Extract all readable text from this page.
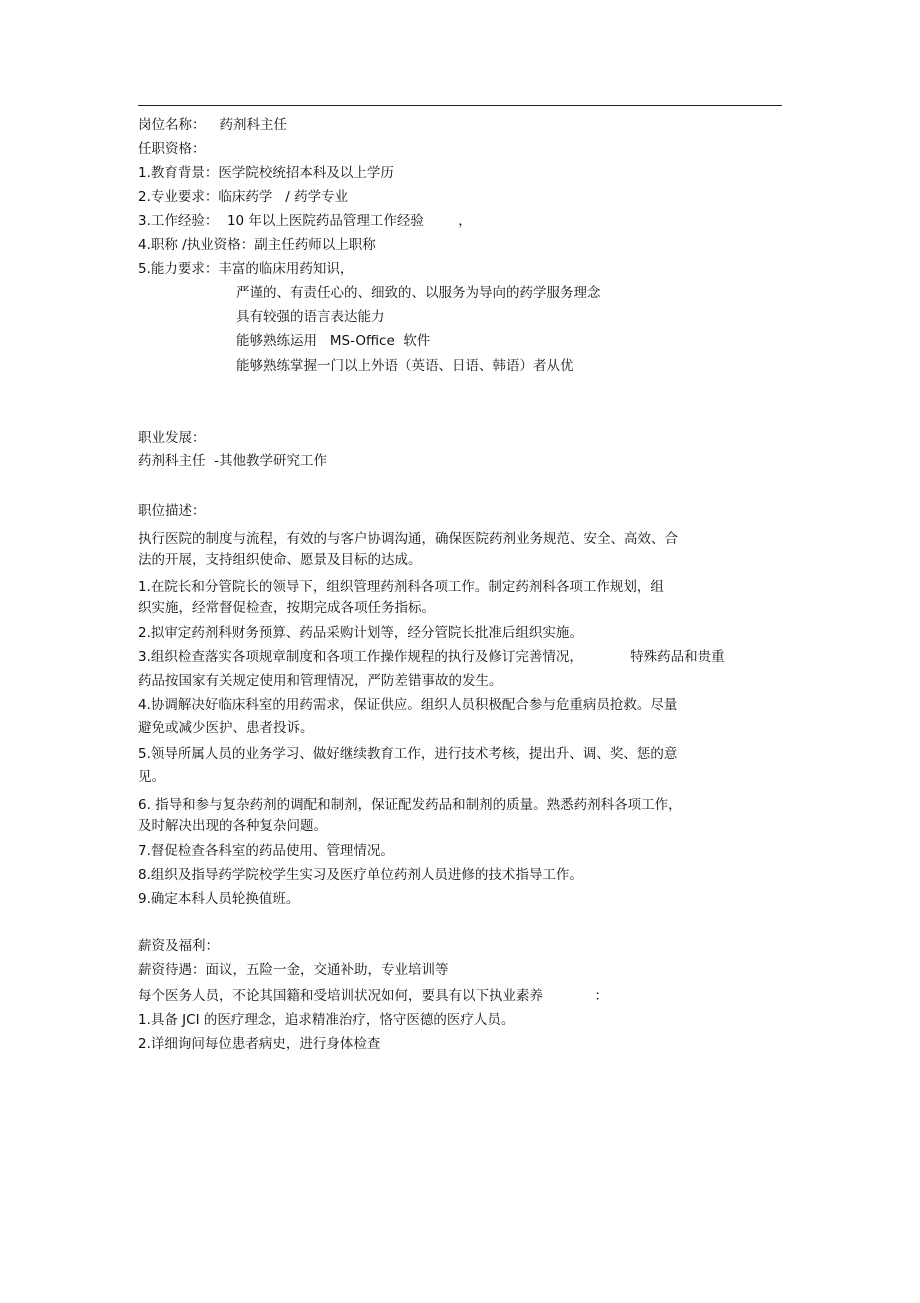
岗位名称： 药剂科主任
任职资格：
1.教育背景：医学院校统招本科及以上学历
2.专业要求：临床药学   / 药学专业
3.工作经验：  10 年以上医院药品管理工作经验        ，
4.职称 /执业资格：副主任药师以上职称
5.能力要求：丰富的临床用药知识，
严谨的、有责任心的、细致的、以服务为导向的药学服务理念
具有较强的语言表达能力
能够熟练运用   MS-Office  软件
能够熟练掌握一门以上外语（英语、日语、韩语）者从优
职业发展：
药剂科主任  -其他教学研究工作
职位描述：
执行医院的制度与流程，有效的与客户协调沟通，确保医院药剂业务规范、安全、高效、合
法的开展，支持组织使命、愿景及目标的达成。
1.在院长和分管院长的领导下，组织管理药剂科各项工作。制定药剂科各项工作规划，组
织实施，经常督促检查，按期完成各项任务指标。
2.拟审定药剂科财务预算、药品采购计划等，经分管院长批准后组织实施。
3.组织检查落实各项规章制度和各项工作操作规程的执行及修订完善情况，           特殊药品和贵重
药品按国家有关规定使用和管理情况，严防差错事故的发生。
4.协调解决好临床科室的用药需求，保证供应。组织人员积极配合参与危重病员抢救。尽量
避免或减少医护、患者投诉。
5.领导所属人员的业务学习、做好继续教育工作，进行技术考核，提出升、调、奖、惩的意
见。
6. 指导和参与复杂药剂的调配和制剂，保证配发药品和制剂的质量。熟悉药剂科各项工作，
及时解决出现的各种复杂问题。
7.督促检查各科室的药品使用、管理情况。
8.组织及指导药学院校学生实习及医疗单位药剂人员进修的技术指导工作。
9.确定本科人员轮换值班。
薪资及福利：
薪资待遇：面议，五险一金，交通补助，专业培训等
每个医务人员，不论其国籍和受培训状况如何，要具有以下执业素养            ：
1.具备 JCI 的医疗理念，追求精准治疗，恪守医德的医疗人员。
2.详细询问每位患者病史，进行身体检查
